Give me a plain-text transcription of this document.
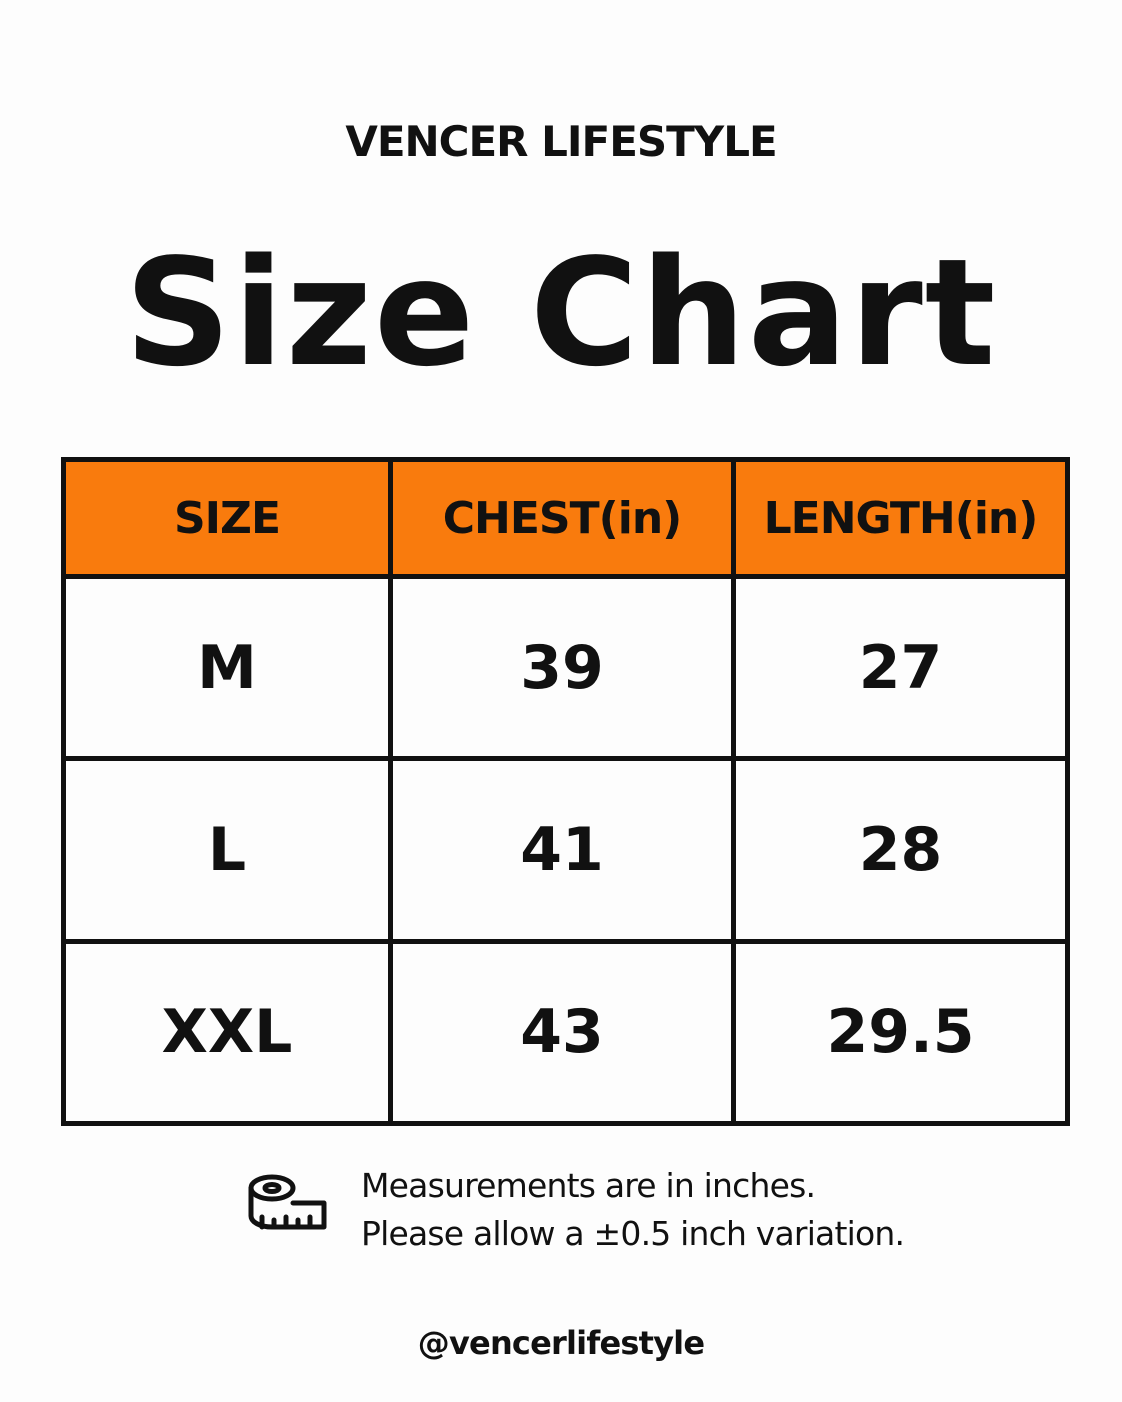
VENCER LIFESTYLE
Size Chart
SIZE	CHEST(in)	LENGTH(in)
M	39	27
L	41	28
XXL	43	29.5
Measurements are in inches.
Please allow a ±0.5 inch variation.
@vencerlifestyle
